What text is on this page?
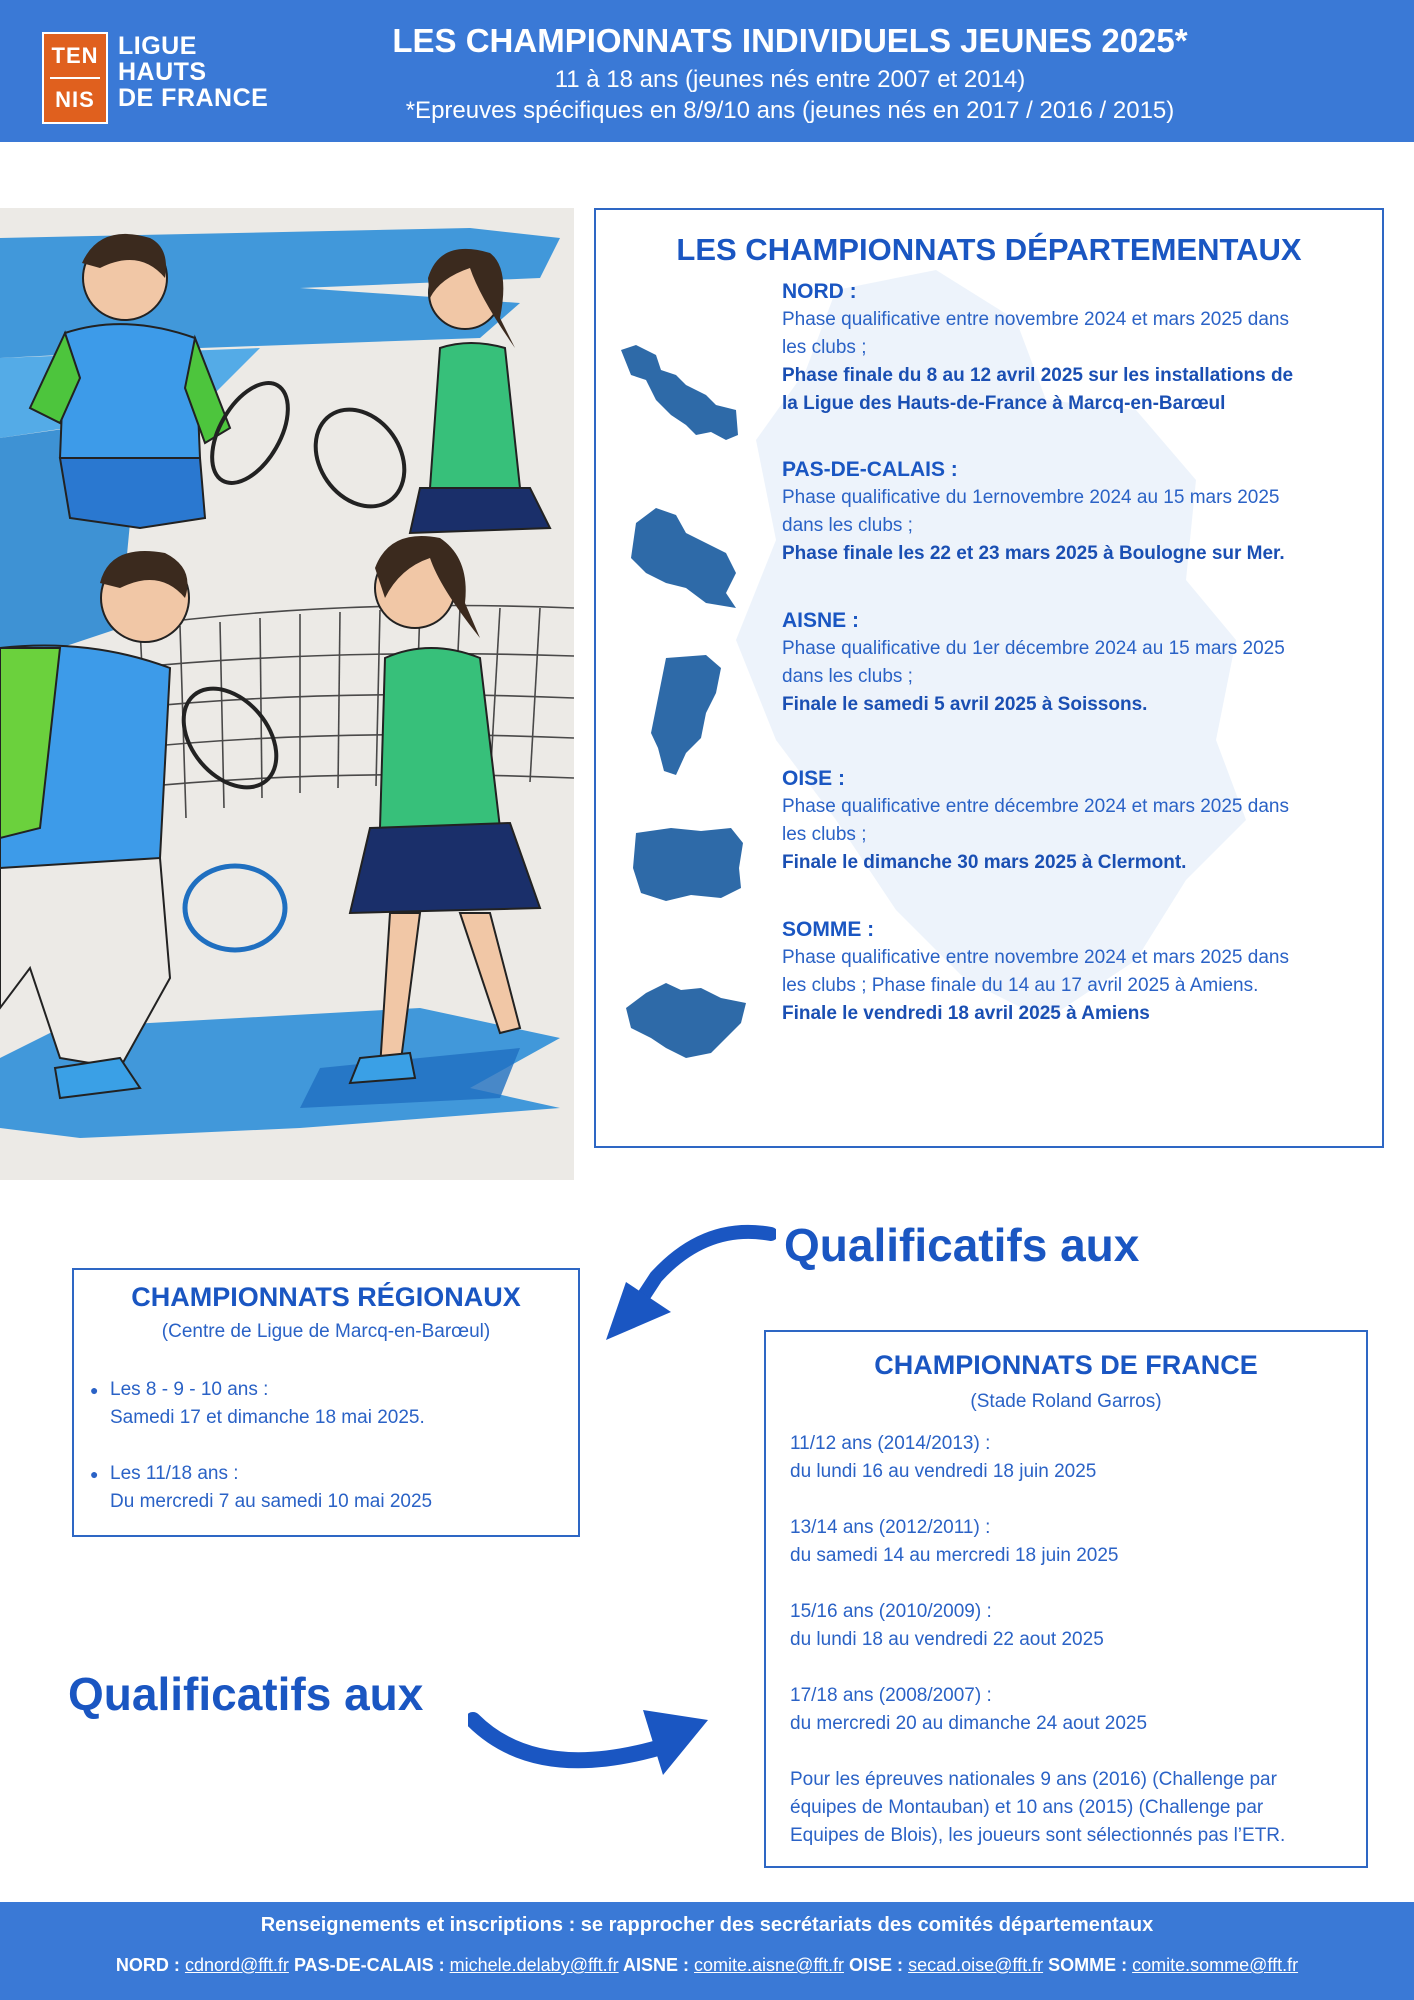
TEN
NIS
LIGUE
HAUTS
DE FRANCE
LES CHAMPIONNATS INDIVIDUELS JEUNES 2025*
11 à 18 ans (jeunes nés entre 2007 et 2014)
*Epreuves spécifiques en 8/9/10 ans (jeunes nés en 2017 / 2016 / 2015)
LES CHAMPIONNATS DÉPARTEMENTAUX
NORD :
Phase qualificative entre novembre 2024 et mars 2025 dans
les clubs ;
Phase finale du 8 au 12 avril 2025 sur les installations de
la Ligue des Hauts-de-France à Marcq-en-Barœul
PAS-DE-CALAIS :
Phase qualificative du 1ernovembre 2024 au 15 mars 2025
dans les clubs ;
Phase finale les 22 et 23 mars 2025 à Boulogne sur Mer.
AISNE :
Phase qualificative du 1er décembre 2024 au 15 mars 2025
dans les clubs ;
Finale le samedi 5 avril 2025 à Soissons.
OISE :
Phase qualificative entre décembre 2024 et mars 2025 dans
les clubs ;
Finale le dimanche 30 mars 2025 à Clermont.
SOMME :
Phase qualificative entre novembre 2024 et mars 2025 dans
les clubs ; Phase finale du 14 au 17 avril 2025 à Amiens.
Finale le vendredi 18 avril 2025 à Amiens
Qualificatifs aux
CHAMPIONNATS RÉGIONAUX
(Centre de Ligue de Marcq-en-Barœul)
● Les 8 - 9 - 10 ans :
Samedi 17 et dimanche 18 mai 2025.
● Les 11/18 ans :
Du mercredi 7 au samedi 10 mai 2025
Qualificatifs aux
CHAMPIONNATS DE FRANCE
(Stade Roland Garros)
11/12 ans (2014/2013) :
du lundi 16 au vendredi 18 juin 2025
13/14 ans (2012/2011) :
du samedi 14 au mercredi 18 juin 2025
15/16 ans (2010/2009) :
du lundi 18 au vendredi 22 aout 2025
17/18 ans (2008/2007) :
du mercredi 20 au dimanche 24 aout 2025
Pour les épreuves nationales 9 ans (2016) (Challenge par
équipes de Montauban) et 10 ans (2015) (Challenge par
Equipes de Blois), les joueurs sont sélectionnés pas l’ETR.
Renseignements et inscriptions : se rapprocher des secrétariats des comités départementaux
NORD : cdnord@fft.fr PAS-DE-CALAIS : michele.delaby@fft.fr AISNE : comite.aisne@fft.fr OISE : secad.oise@fft.fr SOMME : comite.somme@fft.fr
